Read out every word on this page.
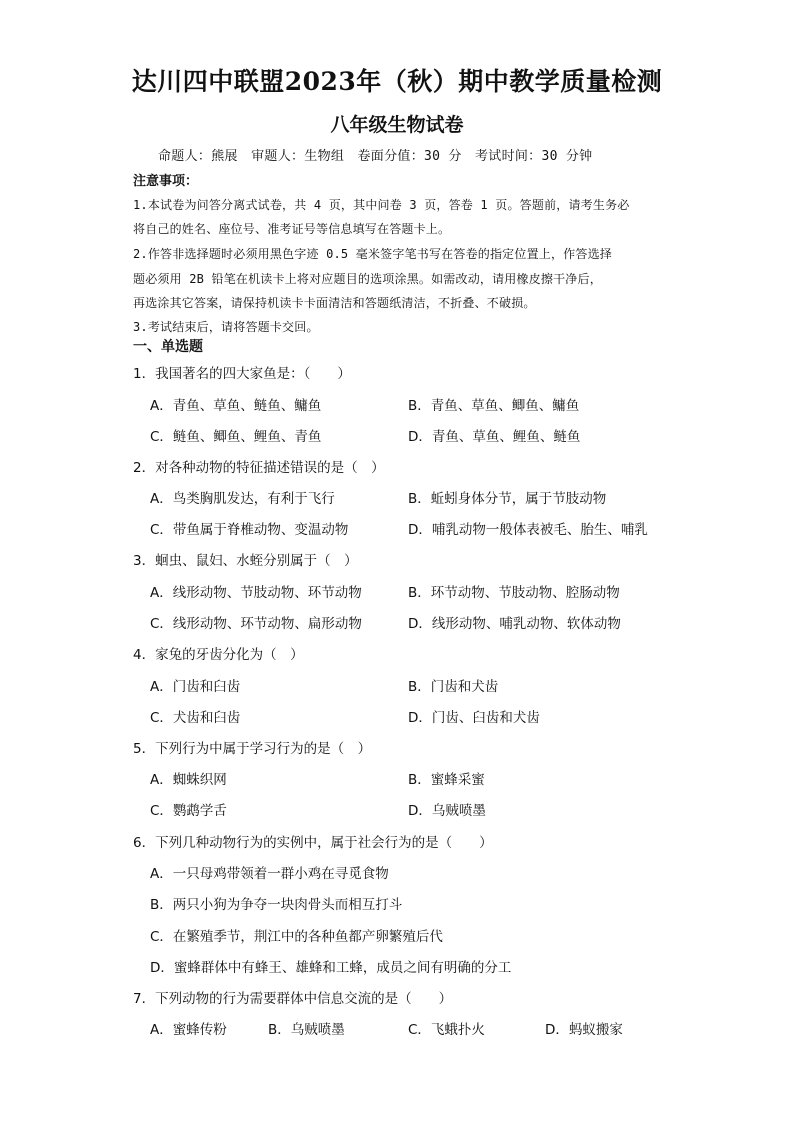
达川四中联盟2023年（秋）期中教学质量检测
八年级生物试卷
命题人：熊展　审题人：生物组　卷面分值：30 分　考试时间：30 分钟
注意事项：
1.本试卷为问答分离式试卷，共 4 页，其中问卷 3 页，答卷 1 页。答题前，请考生务必
将自己的姓名、座位号、准考证号等信息填写在答题卡上。
2.作答非选择题时必须用黑色字迹 0.5 毫米签字笔书写在答卷的指定位置上，作答选择
题必须用 2B 铅笔在机读卡上将对应题目的选项涂黑。如需改动，请用橡皮擦干净后，
再选涂其它答案，请保持机读卡卡面清洁和答题纸清洁，不折叠、不破损。
3.考试结束后，请将答题卡交回。
一、单选题
1．我国著名的四大家鱼是：（　　）
A．青鱼、草鱼、鲢鱼、鳙鱼	B．青鱼、草鱼、鲫鱼、鳙鱼
C．鲢鱼、鲫鱼、鲤鱼、青鱼	D．青鱼、草鱼、鲤鱼、鲢鱼
2．对各种动物的特征描述错误的是（　）
A．鸟类胸肌发达，有利于飞行	B．蚯蚓身体分节，属于节肢动物
C．带鱼属于脊椎动物、变温动物	D．哺乳动物一般体表被毛、胎生、哺乳
3．蛔虫、鼠妇、水蛭分别属于（　）
A．线形动物、节肢动物、环节动物	B．环节动物、节肢动物、腔肠动物
C．线形动物、环节动物、扁形动物	D．线形动物、哺乳动物、软体动物
4．家兔的牙齿分化为（　）
A．门齿和臼齿	B．门齿和犬齿
C．犬齿和臼齿	D．门齿、臼齿和犬齿
5．下列行为中属于学习行为的是（　）
A．蜘蛛织网	B．蜜蜂采蜜
C．鹦鹉学舌	D．乌贼喷墨
6．下列几种动物行为的实例中，属于社会行为的是（　　）
A．一只母鸡带领着一群小鸡在寻觅食物
B．两只小狗为争夺一块肉骨头而相互打斗
C．在繁殖季节，荆江中的各种鱼都产卵繁殖后代
D．蜜蜂群体中有蜂王、雄蜂和工蜂，成员之间有明确的分工
7．下列动物的行为需要群体中信息交流的是（　　）
A．蜜蜂传粉	B．乌贼喷墨	C．飞蛾扑火	D．蚂蚁搬家
